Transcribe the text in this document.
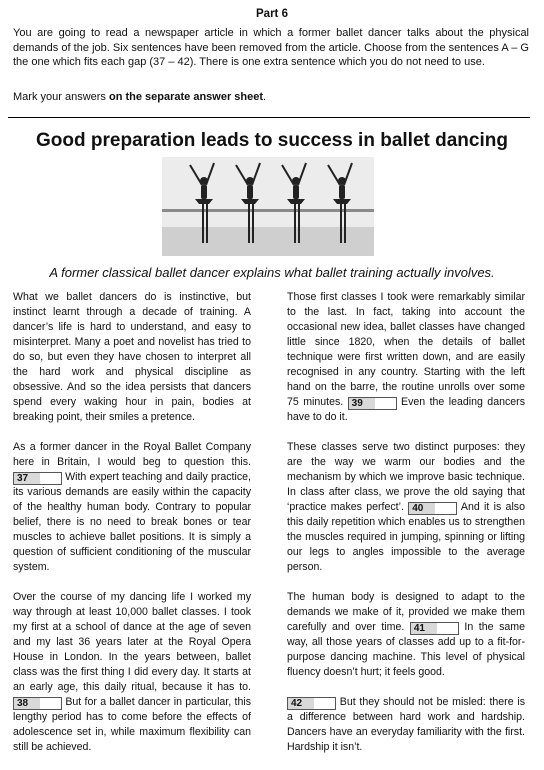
Part 6
You are going to read a newspaper article in which a former ballet dancer talks about the physical demands of the job. Six sentences have been removed from the article. Choose from the sentences A – G the one which fits each gap (37 – 42). There is one extra sentence which you do not need to use.
Mark your answers on the separate answer sheet.
Good preparation leads to success in ballet dancing
A former classical ballet dancer explains what ballet training actually involves.

What we ballet dancers do is instinctive, but instinct learnt through a decade of training. A dancer’s life is hard to understand, and easy to misinterpret. Many a poet and novelist has tried to do so, but even they have chosen to interpret all the hard work and physical discipline as obsessive. And so the idea persists that dancers spend every waking hour in pain, bodies at breaking point, their smiles a pretence.

As a former dancer in the Royal Ballet Company here in Britain, I would beg to question this. 37	With expert teaching and daily practice, its various demands are easily within the capacity of the healthy human body. Contrary to popular belief, there is no need to break bones or tear muscles to achieve ballet positions. It is simply a question of sufficient conditioning of the muscular system.

Over the course of my dancing life I worked my way through at least 10,000 ballet classes. I took my first at a school of dance at the age of seven and my last 36 years later at the Royal Opera House in London. In the years between, ballet class was the first thing I did every day. It starts at an early age, this daily ritual, because it has to. 38	But for a ballet dancer in particular, this lengthy period has to come before the effects of adolescence set in, while maximum flexibility can still be achieved.

Those first classes I took were remarkably similar to the last. In fact, taking into account the occasional new idea, ballet classes have changed little since 1820, when the details of ballet technique were first written down, and are easily recognised in any country. Starting with the left hand on the barre, the routine unrolls over some 75 minutes. 39	Even the leading dancers have to do it.

These classes serve two distinct purposes: they are the way we warm our bodies and the mechanism by which we improve basic technique. In class after class, we prove the old saying that ‘practice makes perfect’. 40	And it is also this daily repetition which enables us to strengthen the muscles required in jumping, spinning or lifting our legs to angles impossible to the average person.

The human body is designed to adapt to the demands we make of it, provided we make them carefully and over time. 41	In the same way, all those years of classes add up to a fit-for-purpose dancing machine. This level of physical fluency doesn’t hurt; it feels good.

42	But they should not be misled: there is a difference between hard work and hardship. Dancers have an everyday familiarity with the first. Hardship it isn’t.
